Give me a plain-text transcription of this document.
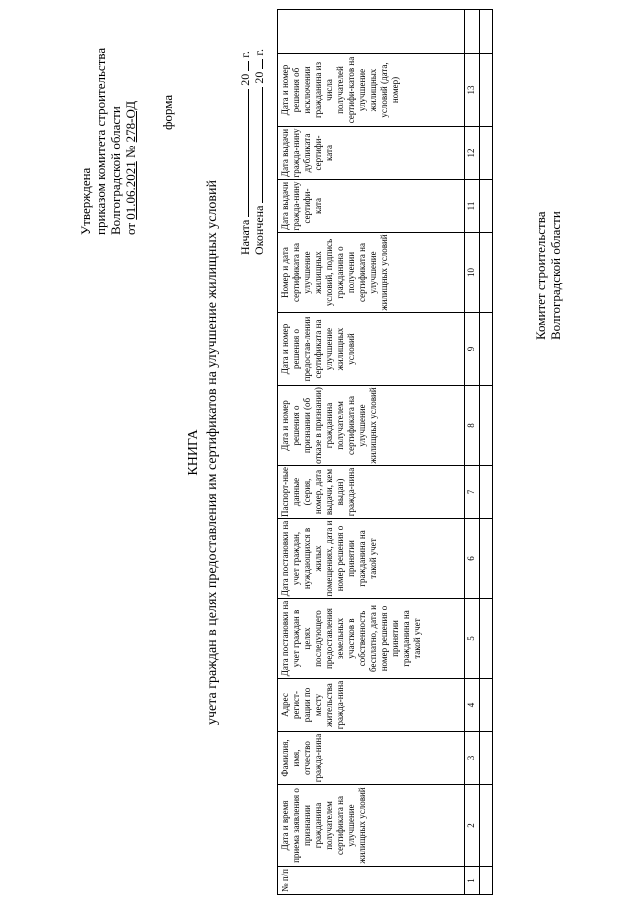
Утверждена приказом комитета строительства Волгоградской области от 01.06.2021 № 278-ОД форма
КНИГА учета граждан в целях предоставления им сертификатов на улучшение жилищных условий Начата  20  г.
Окончена  20  г.
№ п/п	Дата и время приема заявления о признании гражданина получателем сертификата на улучшение жилищных условий	Фамилия, имя, отчество гражда-нина	Адрес регист-рации по месту жительства гражда-нина	Дата постановки на учет граждан в целях последующего предоставления земельных участков в собственность бесплатно, дата и номер решения о принятии гражданина на такой учет	Дата постановки на учет граждан, нуждающихся в жилых помещениях, дата и номер решения о принятии гражданина на такой учет	Паспорт-ные данные (серия, номер, дата выдачи, кем выдан) гражда-нина	Дата и номер решения о признании (об отказе в признании) гражданина получателем сертификата на улучшение жилищных условий	Дата и номер решения о предостав-лении сертификата на улучшение жилищных условий	Номер и дата сертификата на улучшение жилищных условий, подпись гражданина о получении сертификата на улучшение жилищных условий	Дата выдачи гражда-нину сертифи-ката	Дата выдачи гражда-нину дубликата сертифи-ката	Дата и номер решения об исключении гражданина из числа получателей сертифи-катов на улучшение жилищных условий (дата, номер)	
1	2	3	4	5	6	7	8	9	10	11	12	13	

Комитет строительства Волгоградской области
